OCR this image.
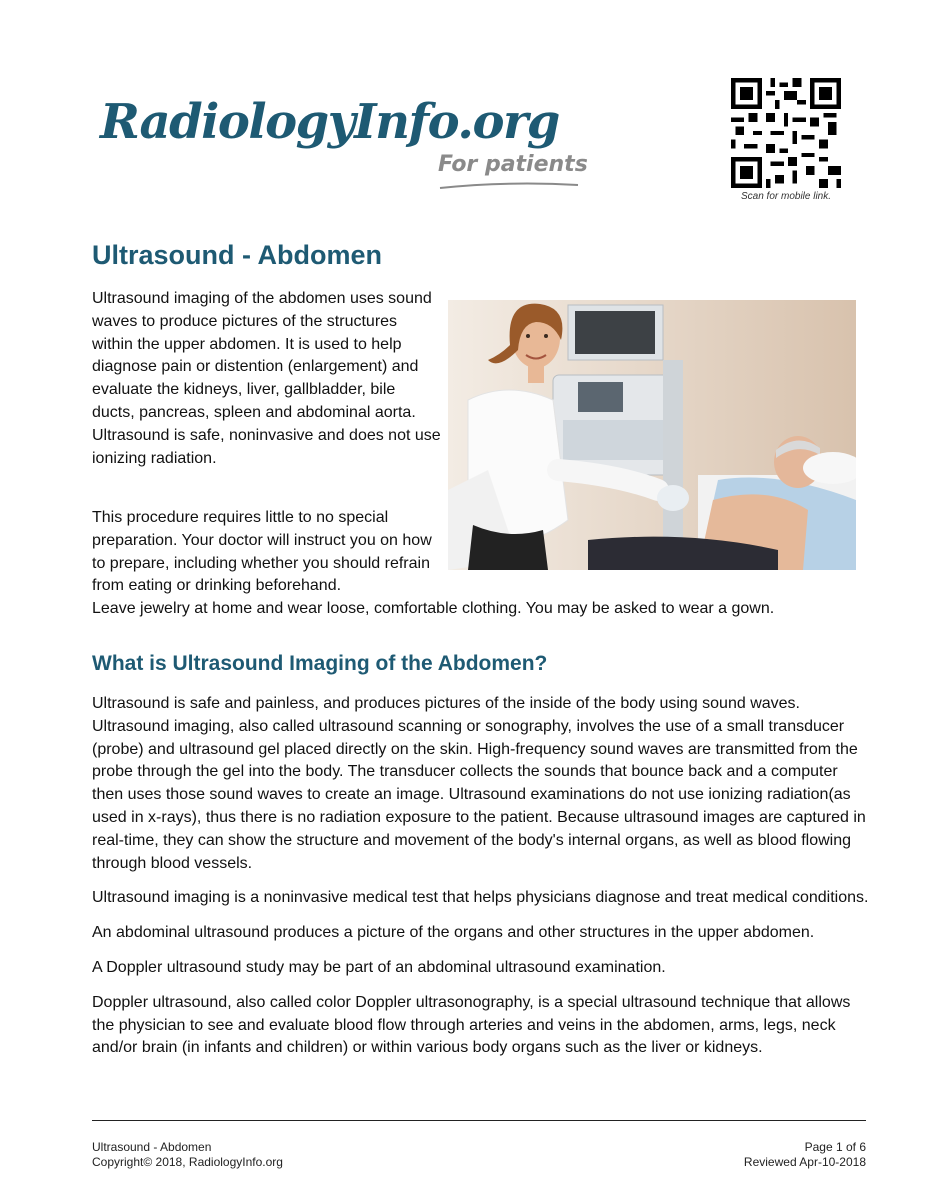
RadiologyInfo.org
For patients
Scan for mobile link.
Ultrasound - Abdomen

Ultrasound imaging of the abdomen uses sound waves to produce pictures of the structures within the upper abdomen. It is used to help diagnose pain or distention (enlargement) and evaluate the kidneys, liver, gallbladder, bile ducts, pancreas, spleen and abdominal aorta. Ultrasound is safe, noninvasive and does not use ionizing radiation.

This procedure requires little to no special preparation. Your doctor will instruct you on how to prepare, including whether you should refrain from eating or drinking beforehand.

Leave jewelry at home and wear loose, comfortable clothing. You may be asked to wear a gown.

What is Ultrasound Imaging of the Abdomen?

Ultrasound is safe and painless, and produces pictures of the inside of the body using sound waves. Ultrasound imaging, also called ultrasound scanning or sonography, involves the use of a small transducer (probe) and ultrasound gel placed directly on the skin. High-frequency sound waves are transmitted from the probe through the gel into the body. The transducer collects the sounds that bounce back and a computer then uses those sound waves to create an image. Ultrasound examinations do not use ionizing radiation(as used in x-rays), thus there is no radiation exposure to the patient. Because ultrasound images are captured in real-time, they can show the structure and movement of the body's internal organs, as well as blood flowing through blood vessels.

Ultrasound imaging is a noninvasive medical test that helps physicians diagnose and treat medical conditions.

An abdominal ultrasound produces a picture of the organs and other structures in the upper abdomen.

A Doppler ultrasound study may be part of an abdominal ultrasound examination.

Doppler ultrasound, also called color Doppler ultrasonography, is a special ultrasound technique that allows the physician to see and evaluate blood flow through arteries and veins in the abdomen, arms, legs, neck and/or brain (in infants and children) or within various body organs such as the liver or kidneys.

Ultrasound - Abdomen
Copyright© 2018, RadiologyInfo.org
Page 1 of 6
Reviewed Apr-10-2018
